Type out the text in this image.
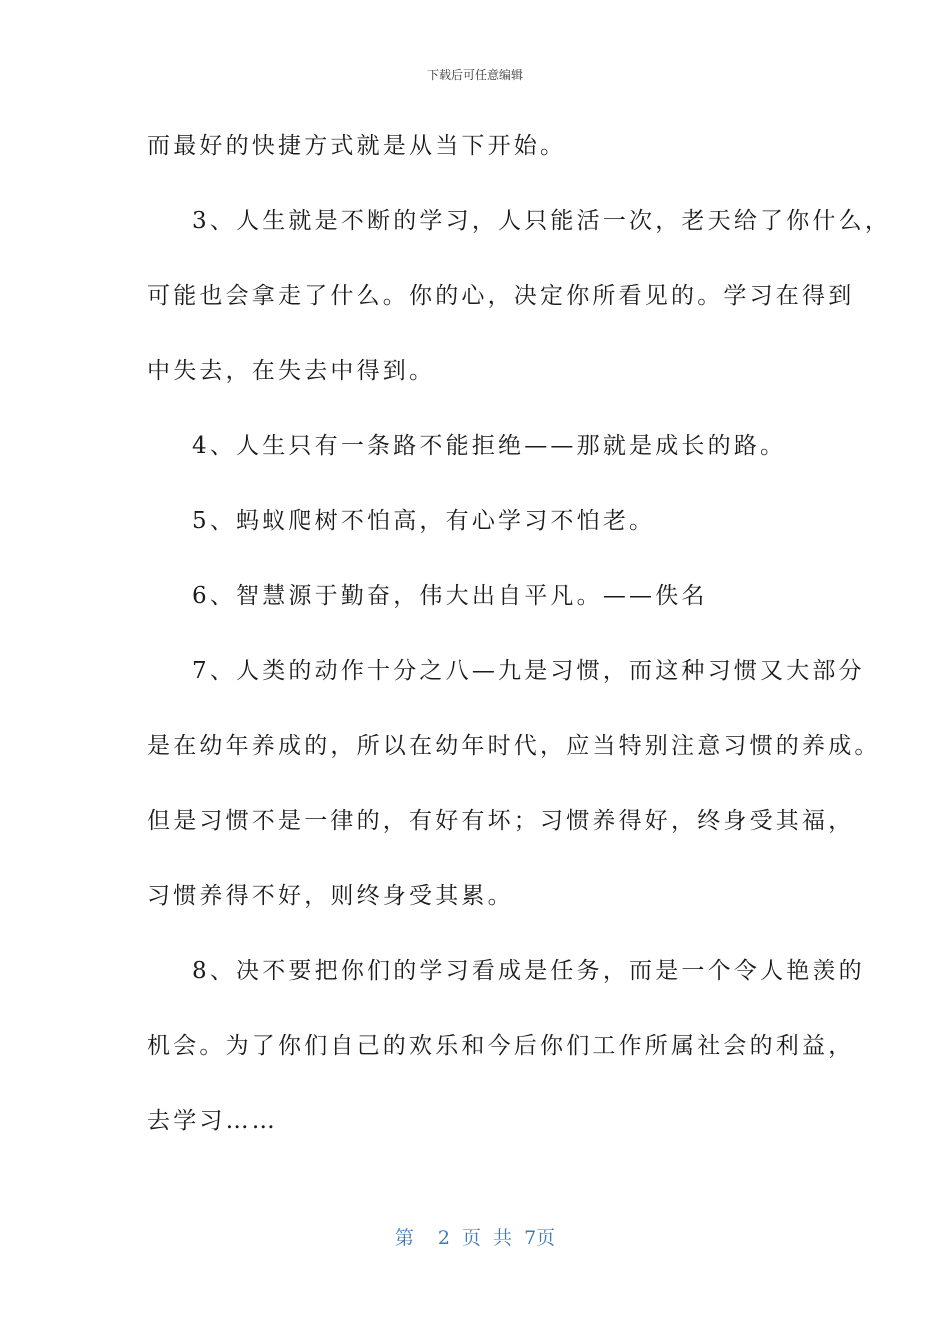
下载后可任意编辑
而最好的快捷方式就是从当下开始。
3、人生就是不断的学习，人只能活一次，老天给了你什么，
可能也会拿走了什么。你的心，决定你所看见的。学习在得到
中失去，在失去中得到。
4、人生只有一条路不能拒绝——那就是成长的路。
5、蚂蚁爬树不怕高，有心学习不怕老。
6、智慧源于勤奋，伟大出自平凡。——佚名
7、人类的动作十分之八—九是习惯，而这种习惯又大部分
是在幼年养成的，所以在幼年时代，应当特别注意习惯的养成。
但是习惯不是一律的，有好有坏；习惯养得好，终身受其福，
习惯养得不好，则终身受其累。
8、决不要把你们的学习看成是任务，而是一个令人艳羡的
机会。为了你们自己的欢乐和今后你们工作所属社会的利益，
去学习……
第  2 页 共 7页
